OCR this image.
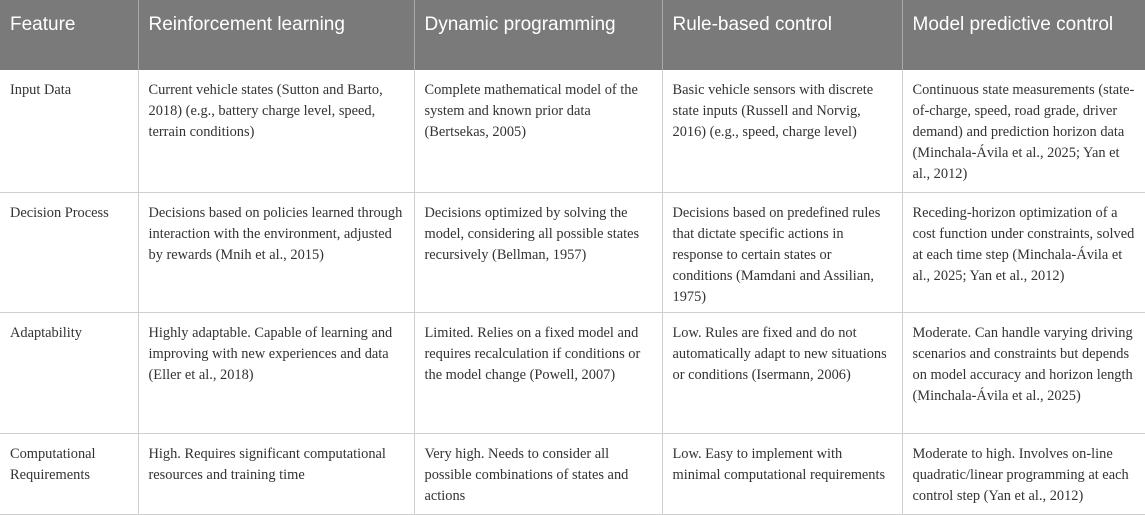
Feature	Reinforcement learning	Dynamic programming	Rule-based control	Model predictive control
Input Data	Current vehicle states (Sutton and Barto, 2018) (e.g., battery charge level, speed, terrain conditions)	Complete mathematical model of the system and known prior data (Bertsekas, 2005)	Basic vehicle sensors with discrete state inputs (Russell and Norvig, 2016) (e.g., speed, charge level)	Continuous state measurements (state-of-charge, speed, road grade, driver demand) and prediction horizon data (Minchala-Ávila et al., 2025; Yan et al., 2012)
Decision Process	Decisions based on policies learned through interaction with the environment, adjusted by rewards (Mnih et al., 2015)	Decisions optimized by solving the model, considering all possible states recursively (Bellman, 1957)	Decisions based on predefined rules that dictate specific actions in response to certain states or conditions (Mamdani and Assilian, 1975)	Receding-horizon optimization of a cost function under constraints, solved at each time step (Minchala-Ávila et al., 2025; Yan et al., 2012)
Adaptability	Highly adaptable. Capable of learning and improving with new experiences and data (Eller et al., 2018)	Limited. Relies on a fixed model and requires recalculation if conditions or the model change (Powell, 2007)	Low. Rules are fixed and do not automatically adapt to new situations or conditions (Isermann, 2006)	Moderate. Can handle varying driving scenarios and constraints but depends on model accuracy and horizon length (Minchala-Ávila et al., 2025)
Computational Requirements	High. Requires significant computational resources and training time	Very high. Needs to consider all possible combinations of states and actions	Low. Easy to implement with minimal computational requirements	Moderate to high. Involves on-line quadratic/linear programming at each control step (Yan et al., 2012)
